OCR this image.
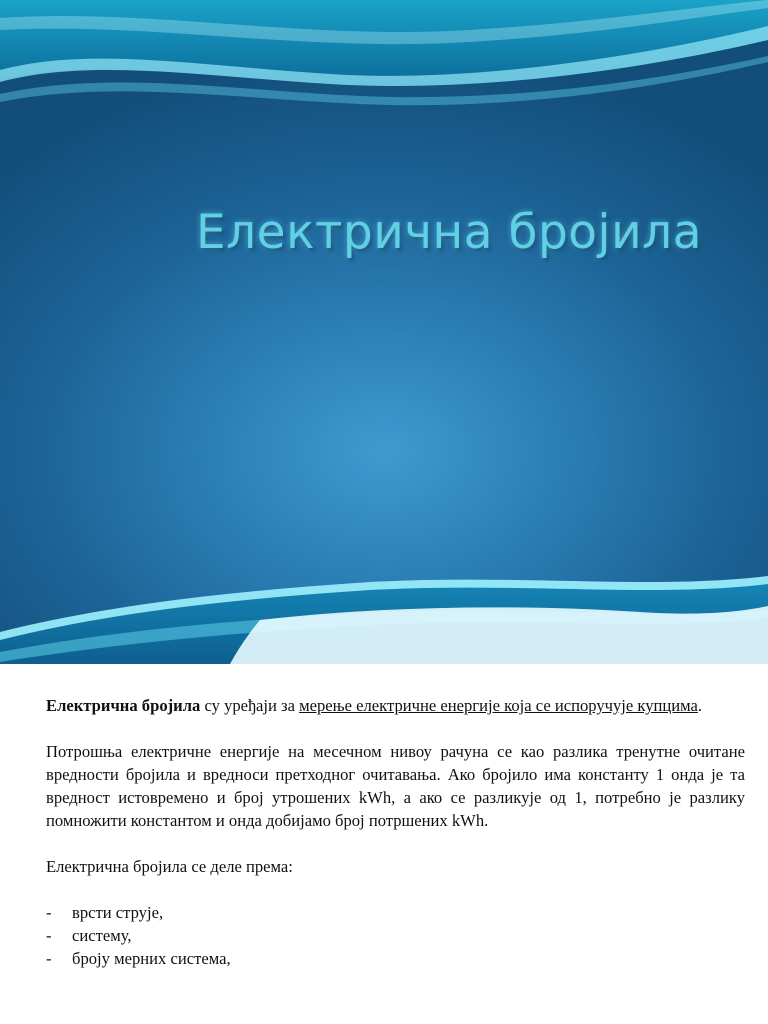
Електрична бројила

Електрична бројила су уређаји за мерење електричне енергије која се испоручује купцима.

Потрошња електричне енергије на месечном нивоу рачуна се као разлика тренутне очитане вредности бројила и вредноси претходног очитавања. Ако бројило има константу 1 онда је та вредност истовремено и број утрошених kWh, а ако се разликује од 1, потребно је разлику помножити константом и онда добијамо број потршених kWh.

Електрична бројила се деле према:

-	врсти струје,
-	систему,
-	броју мерних система,
